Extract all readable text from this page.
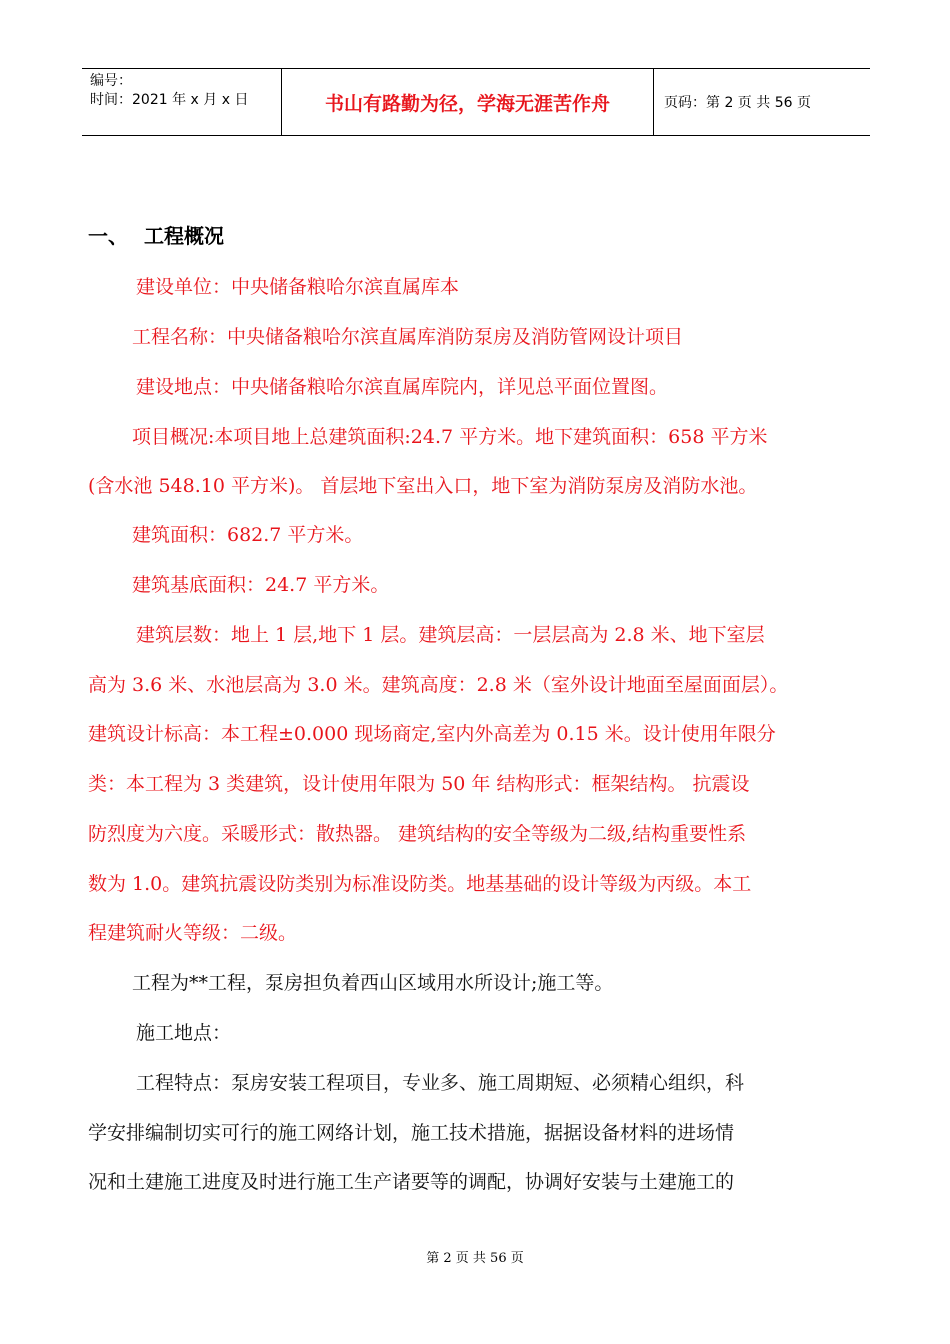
编号：
时间：2021 年 x 月 x 日	书山有路勤为径，学海无涯苦作舟	页码：第 2 页 共 56 页
一、 工程概况
建设单位：中央储备粮哈尔滨直属库本
工程名称：中央储备粮哈尔滨直属库消防泵房及消防管网设计项目
建设地点：中央储备粮哈尔滨直属库院内，详见总平面位置图。
项目概况:本项目地上总建筑面积:24.7 平方米。地下建筑面积：658 平方米
(含水池 548.10 平方米)。 首层地下室出入口，地下室为消防泵房及消防水池。
建筑面积：682.7 平方米。
建筑基底面积：24.7 平方米。
建筑层数：地上 1 层,地下 1 层。建筑层高：一层层高为 2.8 米、地下室层
高为 3.6 米、水池层高为 3.0 米。建筑高度：2.8 米（室外设计地面至屋面面层）。
建筑设计标高：本工程±0.000 现场商定,室内外高差为 0.15 米。设计使用年限分
类：本工程为 3 类建筑，设计使用年限为 50 年 结构形式：框架结构。 抗震设
防烈度为六度。采暖形式：散热器。 建筑结构的安全等级为二级,结构重要性系
数为 1.0。建筑抗震设防类别为标准设防类。地基基础的设计等级为丙级。本工
程建筑耐火等级：二级。
工程为**工程，泵房担负着西山区域用水所设计;施工等。
施工地点：
工程特点：泵房安装工程项目，专业多、施工周期短、必须精心组织，科
学安排编制切实可行的施工网络计划，施工技术措施，据据设备材料的进场情
况和土建施工进度及时进行施工生产诸要等的调配，协调好安装与土建施工的
第 2 页 共 56 页
